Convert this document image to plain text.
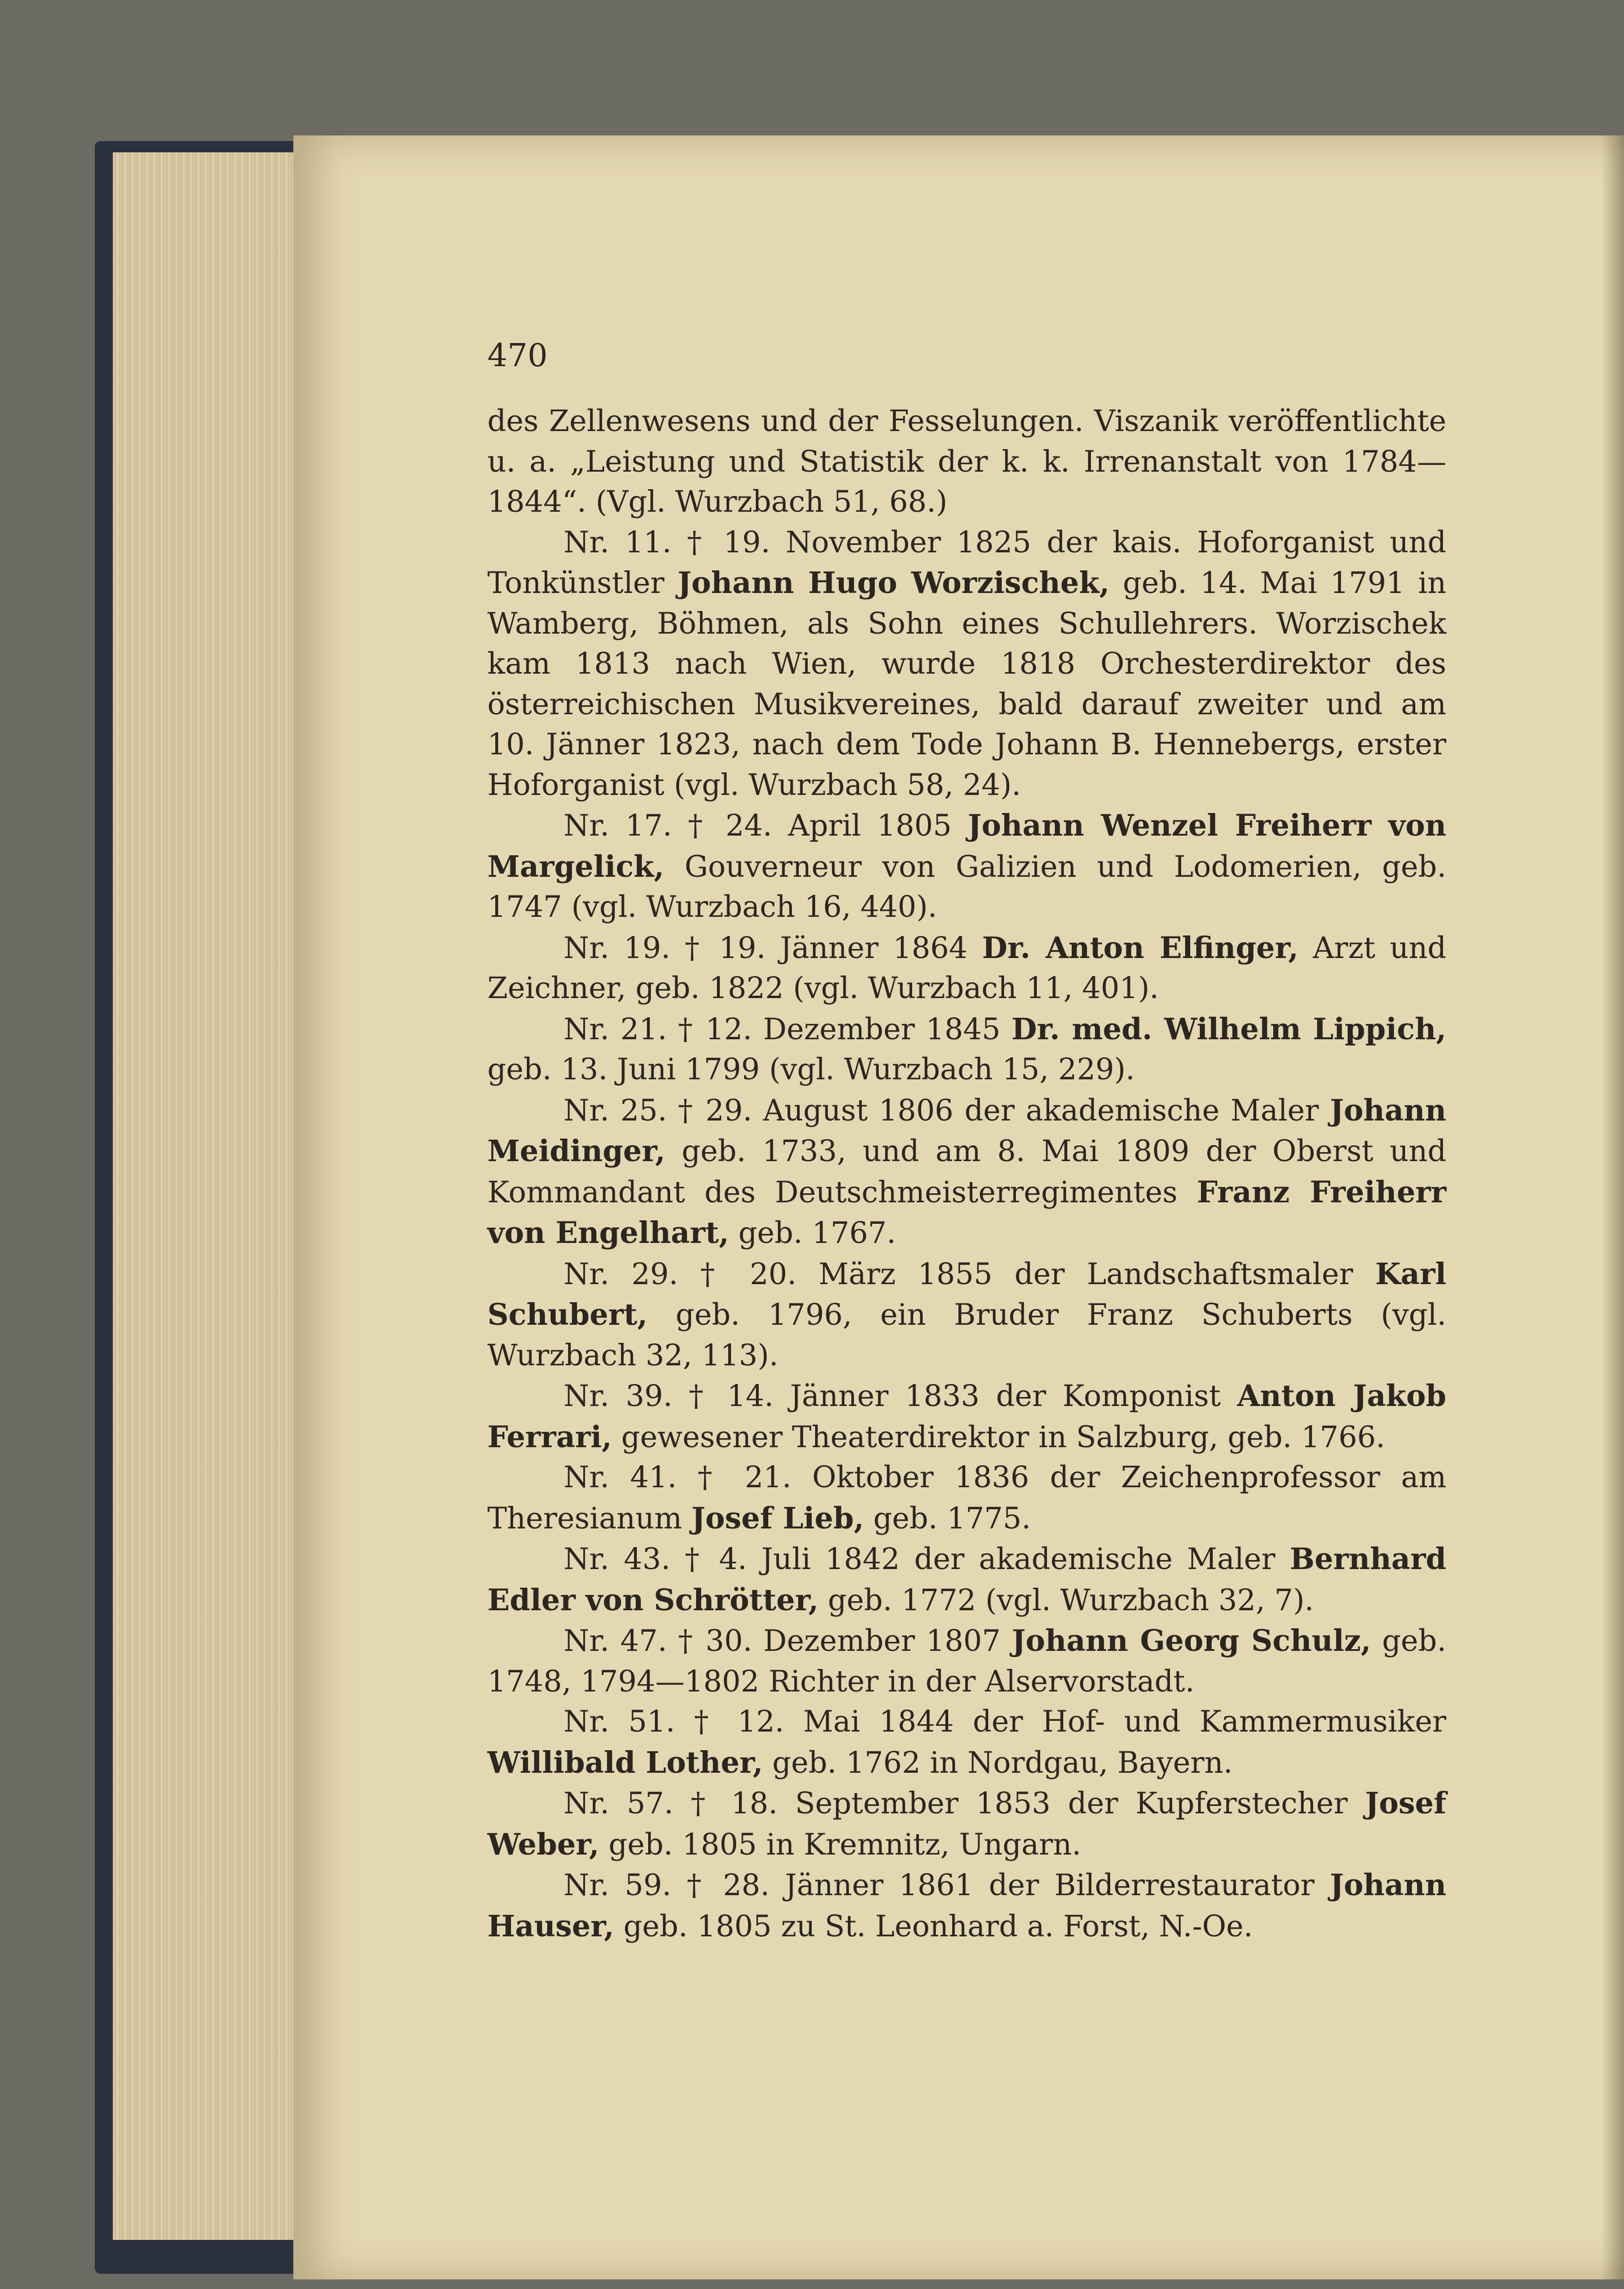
470

des Zellenwesens und der Fesselungen. Viszanik veröffentlichte u. a. „Leistung und Statistik der k. k. Irrenanstalt von 1784—1844“. (Vgl. Wurzbach 51, 68.)

Nr. 11. † 19. November 1825 der kais. Hoforganist und Tonkünstler Johann Hugo Worzischek, geb. 14. Mai 1791 in Wamberg, Böhmen, als Sohn eines Schullehrers. Worzischek kam 1813 nach Wien, wurde 1818 Orchesterdirektor des österreichischen Musikvereines, bald darauf zweiter und am 10. Jänner 1823, nach dem Tode Johann B. Hennebergs, erster Hoforganist (vgl. Wurzbach 58, 24).

Nr. 17. † 24. April 1805 Johann Wenzel Freiherr von Margelick, Gouverneur von Galizien und Lodomerien, geb. 1747 (vgl. Wurzbach 16, 440).

Nr. 19. † 19. Jänner 1864 Dr. Anton Elfinger, Arzt und Zeichner, geb. 1822 (vgl. Wurzbach 11, 401).

Nr. 21. † 12. Dezember 1845 Dr. med. Wilhelm Lippich, geb. 13. Juni 1799 (vgl. Wurzbach 15, 229).

Nr. 25. † 29. August 1806 der akademische Maler Johann Meidinger, geb. 1733, und am 8. Mai 1809 der Oberst und Kommandant des Deutschmeisterregimentes Franz Freiherr von Engelhart, geb. 1767.

Nr. 29. † 20. März 1855 der Landschaftsmaler Karl Schubert, geb. 1796, ein Bruder Franz Schuberts (vgl. Wurzbach 32, 113).

Nr. 39. † 14. Jänner 1833 der Komponist Anton Jakob Ferrari, gewesener Theaterdirektor in Salzburg, geb. 1766.

Nr. 41. † 21. Oktober 1836 der Zeichenprofessor am Theresianum Josef Lieb, geb. 1775.

Nr. 43. † 4. Juli 1842 der akademische Maler Bernhard Edler von Schrötter, geb. 1772 (vgl. Wurzbach 32, 7).

Nr. 47. † 30. Dezember 1807 Johann Georg Schulz, geb. 1748, 1794—1802 Richter in der Alservorstadt.

Nr. 51. † 12. Mai 1844 der Hof- und Kammermusiker Willibald Lother, geb. 1762 in Nordgau, Bayern.

Nr. 57. † 18. September 1853 der Kupferstecher Josef Weber, geb. 1805 in Kremnitz, Ungarn.

Nr. 59. † 28. Jänner 1861 der Bilderrestaurator Johann Hauser, geb. 1805 zu St. Leonhard a. Forst, N.-Oe.
